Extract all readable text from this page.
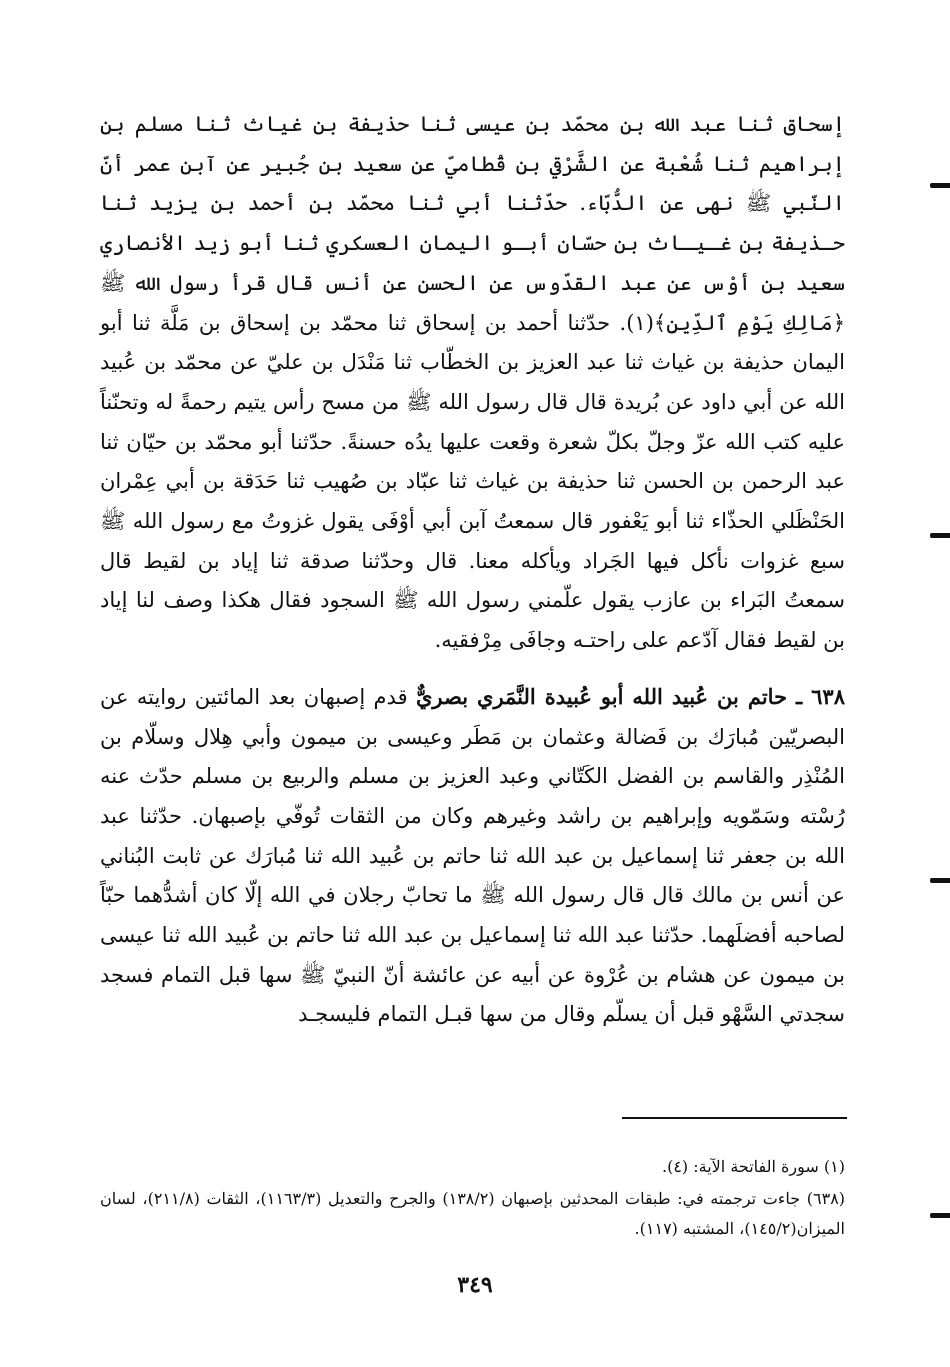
إسحاق ثنا عبد الله بن محمّد بن عيسى ثنا حذيفة بن غياث ثنا مسلم بن إبراهيم ثنا شُعْبة عن الشَّرْقي بن قُطاميّ عن سعيد بن جُبير عن آبن عمر أنّ النّبي ﷺ نهى عن الدُّبّاء. حدّثنا أبي ثنا محمّد بن أحمد بن يزيد ثنا حـذيفة بن غـيـاث بن حسّان أبـو اليمان العسكري ثنا أبو زيد الأنصاري سعيد بن أوْس عن عبد القدّوس عن الحسن عن أنس قال قرأ رسول الله ﷺ ﴿مَالِكِ يَوْمِ ٱلدِّينِ﴾(١). حدّثنا أحمد بن إسحاق ثنا محمّد بن إسحاق بن مَلَّة ثنا أبو اليمان حذيفة بن غياث ثنا عبد العزيز بن الخطّاب ثنا مَنْدَل بن عليّ عن محمّد بن عُبيد الله عن أبي داود عن بُريدة قال قال رسول الله ﷺ من مسح رأس يتيم رحمةً له وتحنّناً عليه كتب الله عزّ وجلّ بكلّ شعرة وقعت عليها يدُه حسنةً. حدّثنا أبو محمّد بن حيّان ثنا عبد الرحمن بن الحسن ثنا حذيفة بن غياث ثنا عبّاد بن صُهيب ثنا حَدَقة بن أبي عِمْران الحَنْظَلي الحذّاء ثنا أبو يَعْفور قال سمعتُ آبن أبي أوْفَى يقول غزوتُ مع رسول الله ﷺ سبع غزوات نأكل فيها الجَراد ويأكله معنا. قال وحدّثنا صدقة ثنا إياد بن لقيط قال سمعتُ البَراء بن عازب يقول علّمني رسول الله ﷺ السجود فقال هكذا وصف لنا إياد بن لقيط فقال آدّعم على راحتـه وجافَى مِرْفقيه.

٦٣٨ ـ حاتم بن عُبيد الله أبو عُبيدة النَّمَري بصريٌّ قدم إصبهان بعد المائتين روايته عن البصريّين مُبارَك بن فَضالة وعثمان بن مَطَر وعيسى بن ميمون وأبي هِلال وسلّام بن المُنْذِر والقاسم بن الفضل الكَتّاني وعبد العزيز بن مسلم والربيع بن مسلم حدّث عنه رُسْته وسَمّويه وإبراهيم بن راشد وغيرهم وكان من الثقات تُوفّي بإصبهان. حدّثنا عبد الله بن جعفر ثنا إسماعيل بن عبد الله ثنا حاتم بن عُبيد الله ثنا مُبارَك عن ثابت البُناني عن أنس بن مالك قال قال رسول الله ﷺ ما تحابّ رجلان في الله إلّا كان أشدُّهما حبّاً لصاحبه أفضلَهما. حدّثنا عبد الله ثنا إسماعيل بن عبد الله ثنا حاتم بن عُبيد الله ثنا عيسى بن ميمون عن هشام بن عُرْوة عن أبيه عن عائشة أنّ النبيّ ﷺ سها قبل التمام فسجد سجدتي السَّهْو قبل أن يسلّم وقال من سها قبـل التمام فليسجـد

(١) سورة الفاتحة الآية: (٤).

(٦٣٨) جاءت ترجمته في: طبقات المحدثين بإصبهان (١٣٨/٢) والجرح والتعديل (١١٦٣/٣)، الثقات (٢١١/٨)، لسان الميزان(١٤٥/٢)، المشتبه (١١٧).

٣٤٩
